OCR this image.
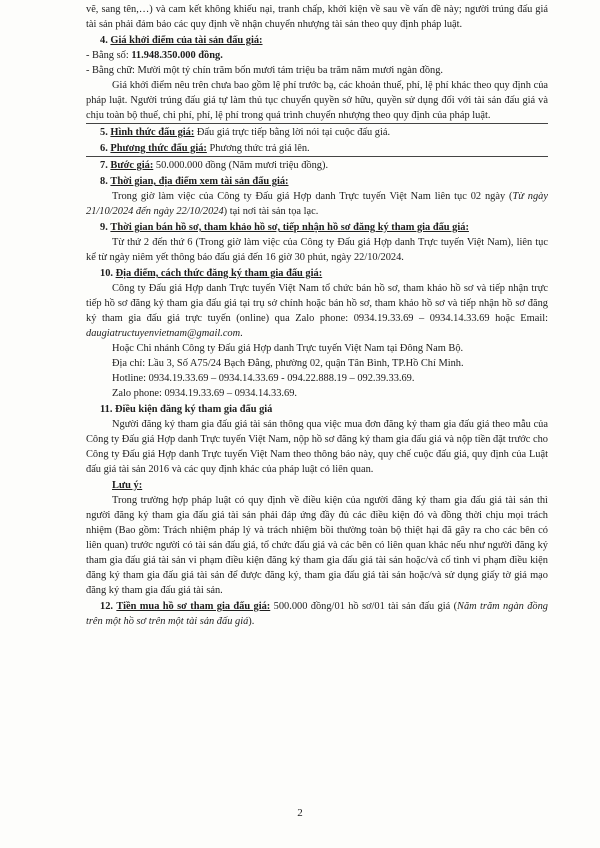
vẽ, sang tên,…) và cam kết không khiếu nại, tranh chấp, khởi kiện về sau về vấn đề này; người trúng đấu giá tài sản phải đảm bảo các quy định về nhận chuyển nhượng tài sản theo quy định pháp luật.

4. Giá khởi điểm của tài sản đấu giá:

- Bằng số: 11.948.350.000 đồng.

- Bằng chữ: Mười một tỷ chín trăm bốn mươi tám triệu ba trăm năm mươi ngàn đồng.

Giá khởi điểm nêu trên chưa bao gồm lệ phí trước bạ, các khoản thuế, phí, lệ phí khác theo quy định của pháp luật. Người trúng đấu giá tự làm thủ tục chuyển quyền sở hữu, quyền sử dụng đối với tài sản đấu giá và chịu toàn bộ thuế, chi phí, phí, lệ phí trong quá trình chuyển nhượng theo quy định của pháp luật.

5. Hình thức đấu giá: Đấu giá trực tiếp bằng lời nói tại cuộc đấu giá.

6. Phương thức đấu giá: Phương thức trả giá lên.

7. Bước giá: 50.000.000 đồng (Năm mươi triệu đồng).

8. Thời gian, địa điểm xem tài sản đấu giá:

Trong giờ làm việc của Công ty Đấu giá Hợp danh Trực tuyến Việt Nam liên tục 02 ngày (Từ ngày 21/10/2024 đến ngày 22/10/2024) tại nơi tài sản tọa lạc.

9. Thời gian bán hồ sơ, tham khảo hồ sơ, tiếp nhận hồ sơ đăng ký tham gia đấu giá:

Từ thứ 2 đến thứ 6 (Trong giờ làm việc của Công ty Đấu giá Hợp danh Trực tuyến Việt Nam), liên tục kể từ ngày niêm yết thông báo đấu giá đến 16 giờ 30 phút, ngày 22/10/2024.

10. Địa điểm, cách thức đăng ký tham gia đấu giá:

Công ty Đấu giá Hợp danh Trực tuyến Việt Nam tổ chức bán hồ sơ, tham khảo hồ sơ và tiếp nhận trực tiếp hồ sơ đăng ký tham gia đấu giá tại trụ sở chính hoặc bán hồ sơ, tham khảo hồ sơ và tiếp nhận hồ sơ đăng ký tham gia đấu giá trực tuyến (online) qua Zalo phone: 0934.19.33.69 – 0934.14.33.69 hoặc Email: daugiatructuyenvietnam@gmail.com.

Hoặc Chi nhánh Công ty Đấu giá Hợp danh Trực tuyến Việt Nam tại Đông Nam Bộ.

Địa chỉ: Lầu 3, Số A75/24 Bạch Đằng, phường 02, quận Tân Bình, TP.Hồ Chí Minh.

Hotline: 0934.19.33.69 – 0934.14.33.69 - 094.22.888.19 – 092.39.33.69.

Zalo phone: 0934.19.33.69 – 0934.14.33.69.

11. Điều kiện đăng ký tham gia đấu giá

Người đăng ký tham gia đấu giá tài sản thông qua việc mua đơn đăng ký tham gia đấu giá theo mẫu của Công ty Đấu giá Hợp danh Trực tuyến Việt Nam, nộp hồ sơ đăng ký tham gia đấu giá và nộp tiền đặt trước cho Công ty Đấu giá Hợp danh Trực tuyến Việt Nam theo thông báo này, quy chế cuộc đấu giá, quy định của Luật đấu giá tài sản 2016 và các quy định khác của pháp luật có liên quan.

Lưu ý:

Trong trường hợp pháp luật có quy định về điều kiện của người đăng ký tham gia đấu giá tài sản thì người đăng ký tham gia đấu giá tài sản phải đáp ứng đầy đủ các điều kiện đó và đồng thời chịu mọi trách nhiệm (Bao gồm: Trách nhiệm pháp lý và trách nhiệm bồi thường toàn bộ thiệt hại đã gây ra cho các bên có liên quan) trước người có tài sản đấu giá, tổ chức đấu giá và các bên có liên quan khác nếu như người đăng ký tham gia đấu giá tài sản vi phạm điều kiện đăng ký tham gia đấu giá tài sản hoặc/và cố tình vi phạm điều kiện đăng ký tham gia đấu giá tài sản để được đăng ký, tham gia đấu giá tài sản hoặc/và sử dụng giấy tờ giả mạo đăng ký tham gia đấu giá tài sản.

12. Tiền mua hồ sơ tham gia đấu giá: 500.000 đồng/01 hồ sơ/01 tài sản đấu giá (Năm trăm ngàn đồng trên một hồ sơ trên một tài sản đấu giá).

2
